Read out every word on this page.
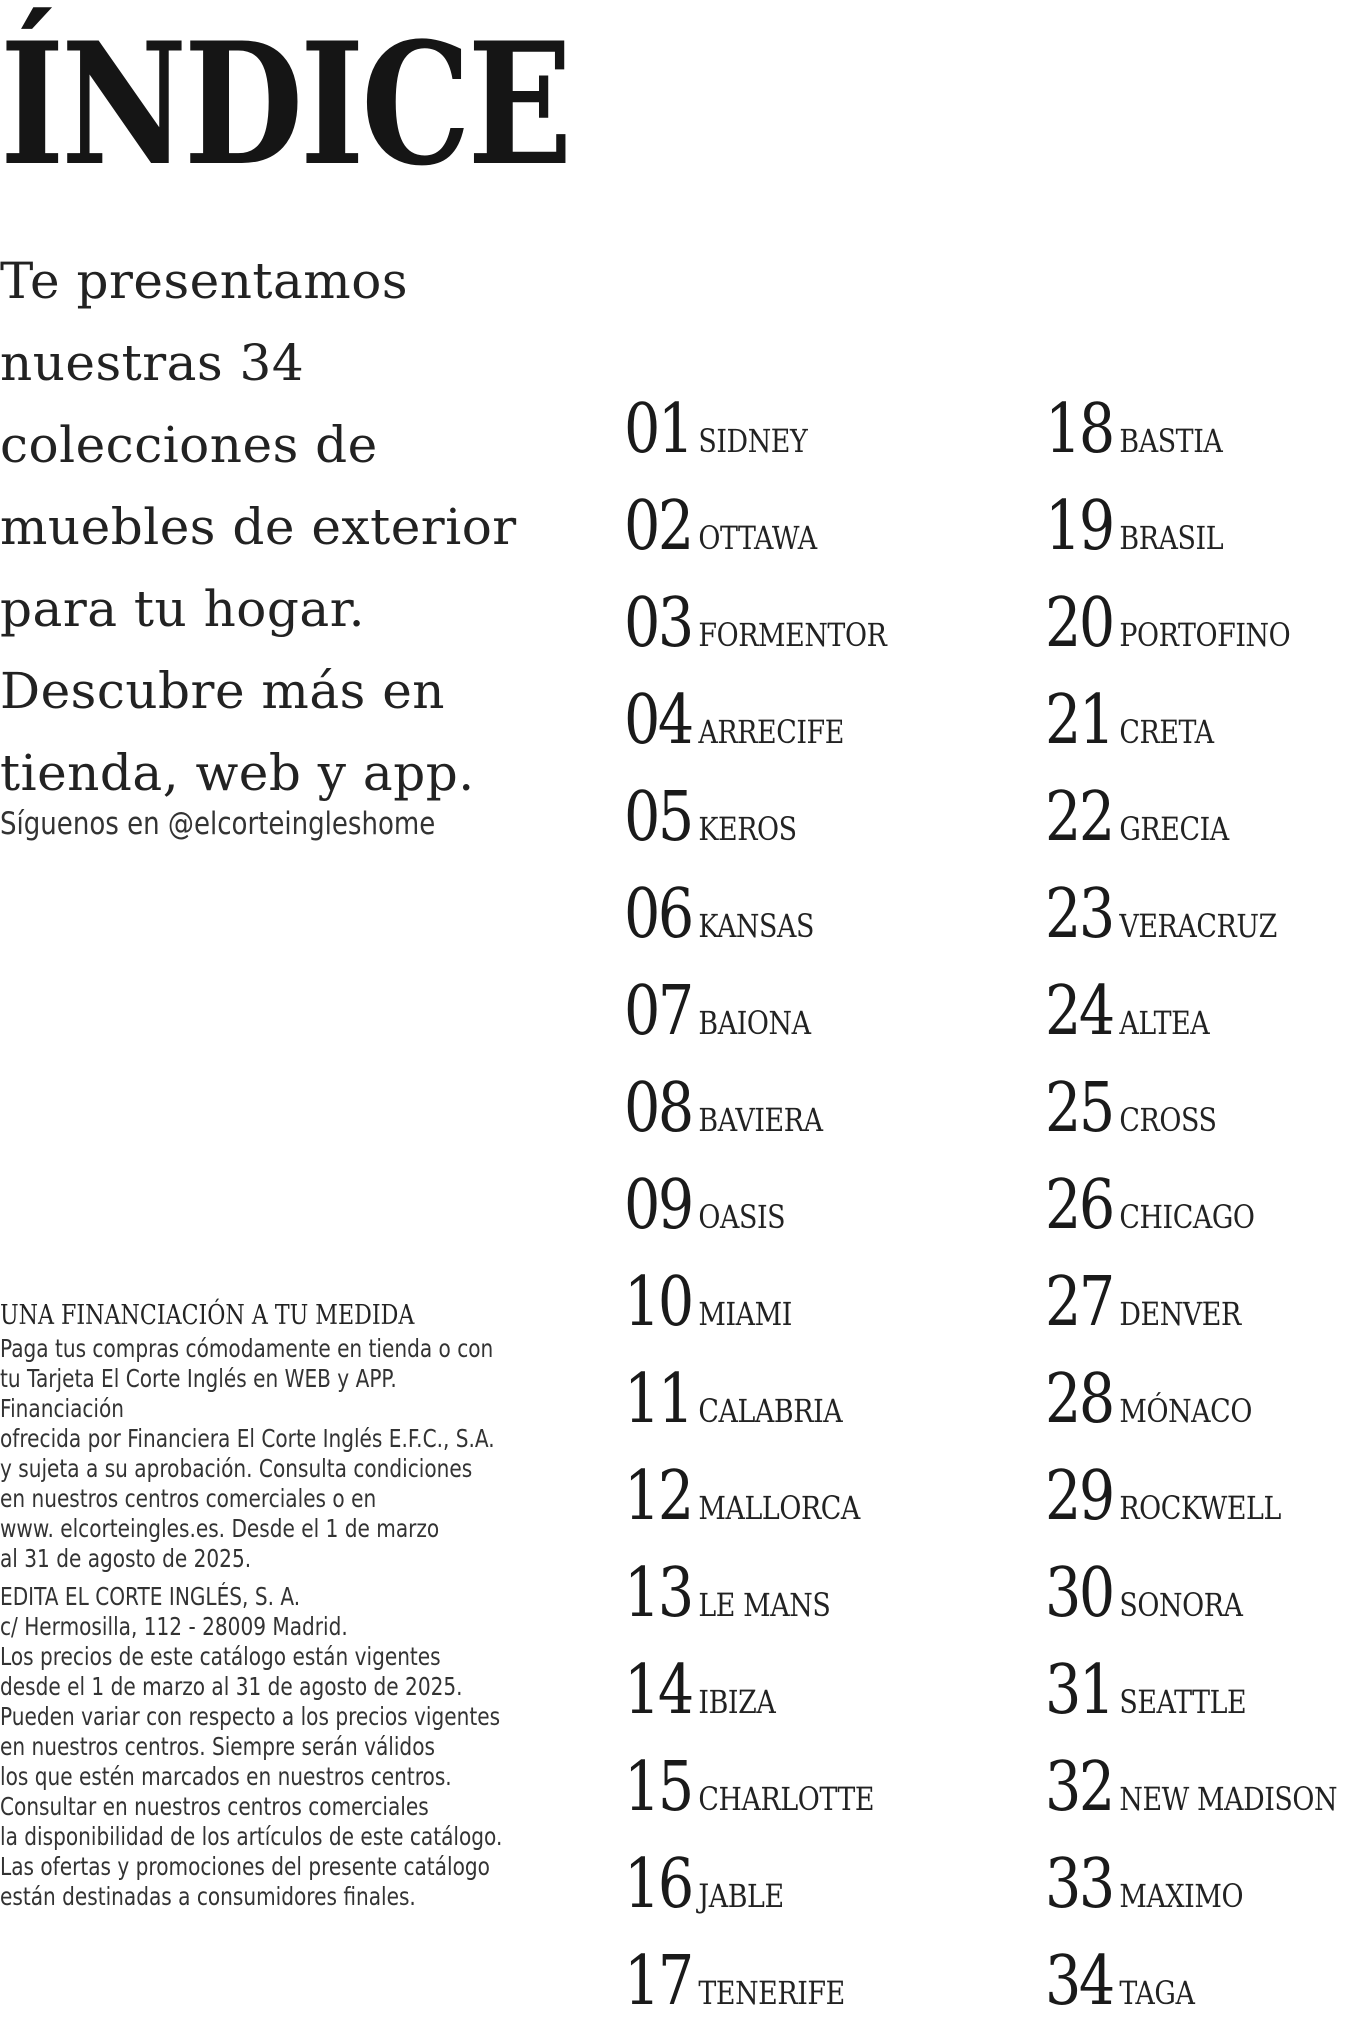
ÍNDICE

Te presentamos nuestras 34 colecciones de muebles de exterior para tu hogar. Descubre más en tienda, web y app.

Síguenos en @elcorteingleshome
UNA FINANCIACIÓN A TU MEDIDA

Paga tus compras cómodamente en tienda o con
tu Tarjeta El Corte Inglés en WEB y APP. Financiación
ofrecida por Financiera El Corte Inglés E.F.C., S.A.
y sujeta a su aprobación. Consulta condiciones
en nuestros centros comerciales o en
www. elcorteingles.es. Desde el 1 de marzo
al 31 de agosto de 2025.

EDITA EL CORTE INGLÉS, S. A.
c/ Hermosilla, 112 - 28009 Madrid.
Los precios de este catálogo están vigentes
desde el 1 de marzo al 31 de agosto de 2025.
Pueden variar con respecto a los precios vigentes
en nuestros centros. Siempre serán válidos
los que estén marcados en nuestros centros.
Consultar en nuestros centros comerciales
la disponibilidad de los artículos de este catálogo.
Las ofertas y promociones del presente catálogo
están destinadas a consumidores finales.

01 SIDNEY
02 OTTAWA
03 FORMENTOR
04 ARRECIFE
05 KEROS
06 KANSAS
07 BAIONA
08 BAVIERA
09 OASIS
10 MIAMI
11 CALABRIA
12 MALLORCA
13 LE MANS
14 IBIZA
15 CHARLOTTE
16 JABLE
17 TENERIFE
18 BASTIA
19 BRASIL
20 PORTOFINO
21 CRETA
22 GRECIA
23 VERACRUZ
24 ALTEA
25 CROSS
26 CHICAGO
27 DENVER
28 MÓNACO
29 ROCKWELL
30 SONORA
31 SEATTLE
32 NEW MADISON
33 MAXIMO
34 TAGA
